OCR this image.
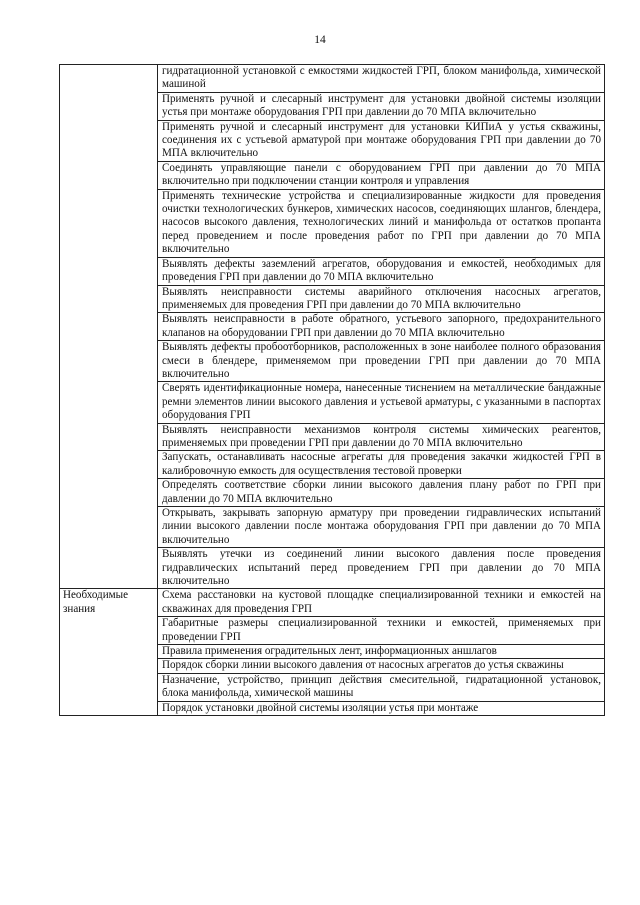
14
	гидратационной установкой с емкостями жидкостей ГРП, блоком манифольда, химической машиной
	Применять ручной и слесарный инструмент для установки двойной системы изоляции устья при монтаже оборудования ГРП при давлении до 70 МПА включительно
	Применять ручной и слесарный инструмент для установки КИПиА у устья скважины, соединения их с устьевой арматурой при монтаже оборудования ГРП при давлении до 70 МПА включительно
	Соединять управляющие панели с оборудованием ГРП при давлении до 70 МПА включительно при подключении станции контроля и управления
	Применять технические устройства и специализированные жидкости для проведения очистки технологических бункеров, химических насосов, соединяющих шлангов, блендера, насосов высокого давления, технологических линий и манифольда от остатков пропанта перед проведением и после проведения работ по ГРП при давлении до 70 МПА включительно
	Выявлять дефекты заземлений агрегатов, оборудования и емкостей, необходимых для проведения ГРП при давлении до 70 МПА включительно
	Выявлять неисправности системы аварийного отключения насосных агрегатов, применяемых для проведения ГРП при давлении до 70 МПА включительно
	Выявлять неисправности в работе обратного, устьевого запорного, предохранительного клапанов на оборудовании ГРП при давлении до 70 МПА включительно
	Выявлять дефекты пробоотборников, расположенных в зоне наиболее полного образования смеси в блендере, применяемом при проведении ГРП при давлении до 70 МПА включительно
	Сверять идентификационные номера, нанесенные тиснением на металлические бандажные ремни элементов линии высокого давления и устьевой арматуры, с указанными в паспортах оборудования ГРП
	Выявлять неисправности механизмов контроля системы химических реагентов, применяемых при проведении ГРП при давлении до 70 МПА включительно
	Запускать, останавливать насосные агрегаты для проведения закачки жидкостей ГРП в калибровочную емкость для осуществления тестовой проверки
	Определять соответствие сборки линии высокого давления плану работ по ГРП при давлении до 70 МПА включительно
	Открывать, закрывать запорную арматуру при проведении гидравлических испытаний линии высокого давлении после монтажа оборудования ГРП при давлении до 70 МПА включительно
	Выявлять утечки из соединений линии высокого давления после проведения гидравлических испытаний перед проведением ГРП при давлении до 70 МПА включительно
Необходимые знания	Схема расстановки на кустовой площадке специализированной техники и емкостей на скважинах для проведения ГРП
	Габаритные размеры специализированной техники и емкостей, применяемых при проведении ГРП
	Правила применения оградительных лент, информационных аншлагов
	Порядок сборки линии высокого давления от насосных агрегатов до устья скважины
	Назначение, устройство, принцип действия смесительной, гидратационной установок, блока манифольда, химической машины
	Порядок установки двойной системы изоляции устья при монтаже
